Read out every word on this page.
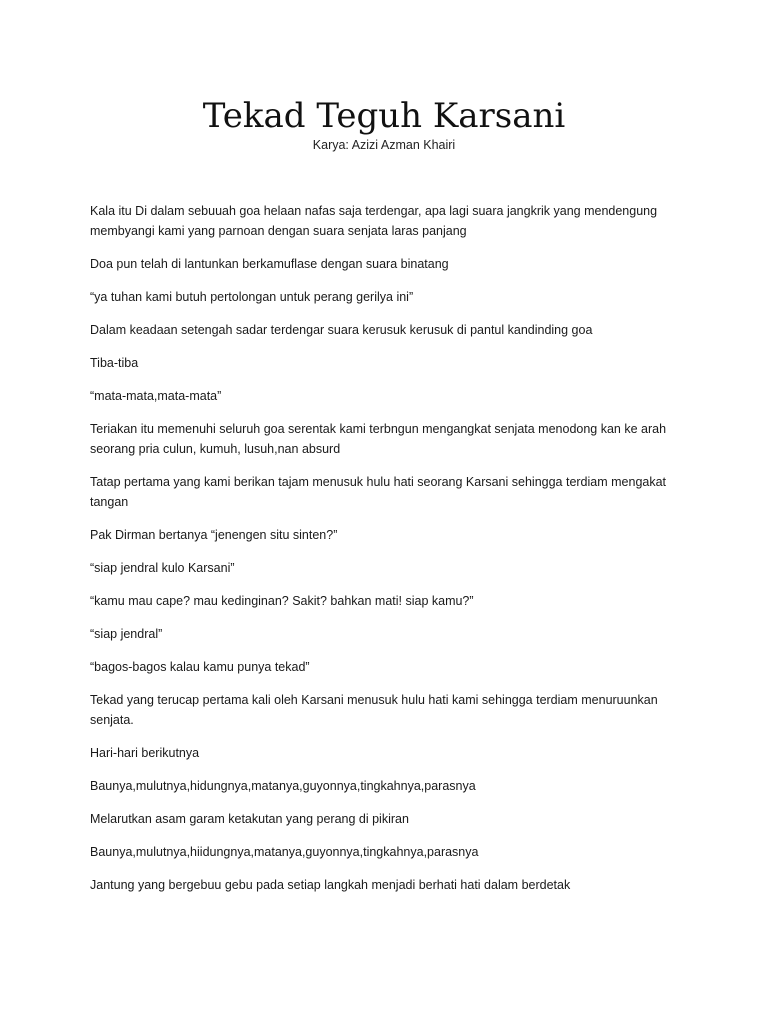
Tekad Teguh Karsani
Karya: Azizi Azman Khairi

Kala itu Di dalam sebuuah goa helaan nafas saja terdengar, apa lagi suara jangkrik yang mendengung membyangi kami yang parnoan dengan suara senjata laras panjang

Doa pun telah di lantunkan berkamuflase dengan suara binatang

“ya tuhan kami butuh pertolongan untuk perang gerilya ini”

Dalam keadaan setengah sadar terdengar suara kerusuk kerusuk di pantul kandinding goa

Tiba-tiba

“mata-mata,mata-mata”

Teriakan itu memenuhi seluruh goa serentak kami terbngun mengangkat senjata menodong kan ke arah seorang pria culun, kumuh, lusuh,nan absurd

Tatap pertama yang kami berikan tajam menusuk hulu hati seorang Karsani sehingga terdiam mengakat tangan

Pak Dirman bertanya “jenengen situ sinten?”

“siap jendral kulo Karsani”

“kamu mau cape? mau kedinginan? Sakit? bahkan mati! siap kamu?”

“siap jendral”

“bagos-bagos kalau kamu punya tekad”

Tekad yang terucap pertama kali oleh Karsani menusuk hulu hati kami sehingga terdiam menuruunkan senjata.

Hari-hari berikutnya

Baunya,mulutnya,hidungnya,matanya,guyonnya,tingkahnya,parasnya

Melarutkan asam garam ketakutan yang perang di pikiran

Baunya,mulutnya,hiidungnya,matanya,guyonnya,tingkahnya,parasnya

Jantung yang bergebuu gebu pada setiap langkah menjadi berhati hati dalam berdetak
